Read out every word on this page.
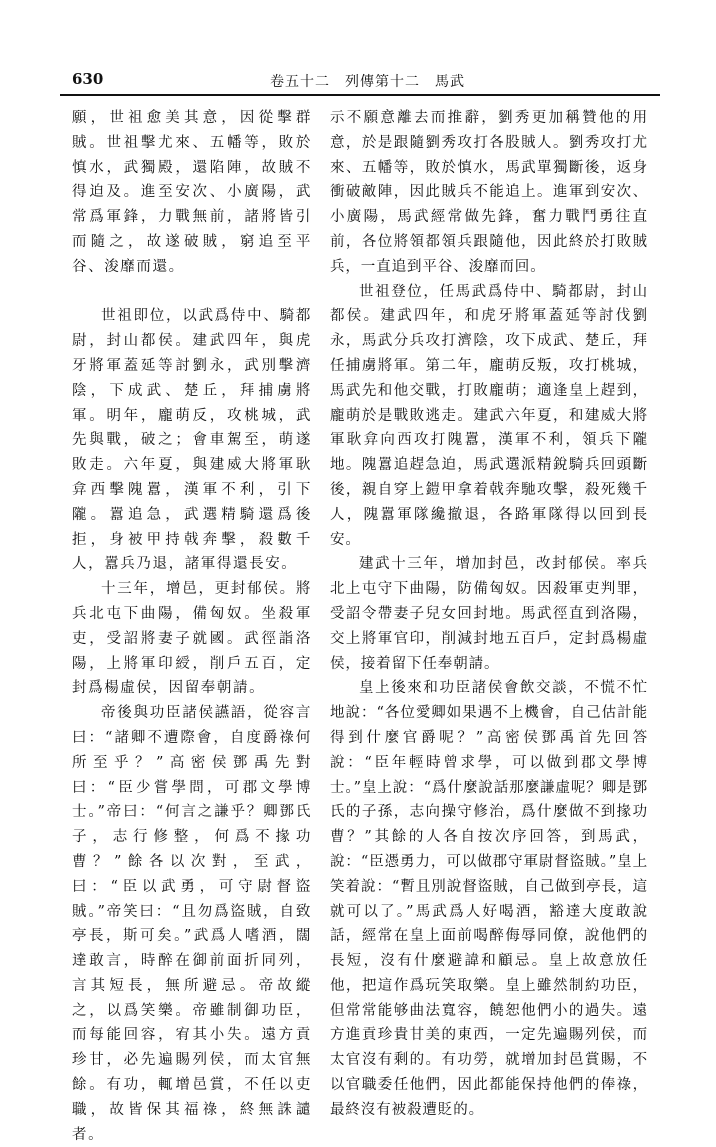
630	卷五十二　列傳第十二　馬武

願，世祖愈美其意，因從擊群賊。世祖擊尤來、五幡等，敗於慎水，武獨殿，還陷陣，故賊不得迫及。進至安次、小廣陽，武常爲軍鋒，力戰無前，諸將皆引而隨之，故遂破賊，窮追至平谷、浚靡而還。

世祖即位，以武爲侍中、騎都尉，封山都侯。建武四年，與虎牙將軍蓋延等討劉永，武別擊濟陰，下成武、楚丘，拜捕虜將軍。明年，龐萌反，攻桃城，武先與戰，破之；會車駕至，萌遂敗走。六年夏，與建威大將軍耿弇西擊隗囂，漢軍不利，引下隴。囂追急，武選精騎還爲後拒，身被甲持戟奔擊，殺數千人，囂兵乃退，諸軍得還長安。

十三年，增邑，更封郁侯。將兵北屯下曲陽，備匈奴。坐殺軍吏，受詔將妻子就國。武徑詣洛陽，上將軍印綬，削戶五百，定封爲楊虛侯，因留奉朝請。

帝後與功臣諸侯讌語，從容言曰：“諸卿不遭際會，自度爵祿何所至乎？”高密侯鄧禹先對曰：“臣少嘗學問，可郡文學博士。”帝曰：“何言之謙乎？卿鄧氏子，志行修整，何爲不掾功曹？”餘各以次對，至武，曰：“臣以武勇，可守尉督盜賊。”帝笑曰：“且勿爲盜賊，自致亭長，斯可矣。”武爲人嗜酒，闊達敢言，時醉在御前面折同列，言其短長，無所避忌。帝故縱之，以爲笑樂。帝雖制御功臣，而每能回容，宥其小失。遠方貢珍甘，必先遍賜列侯，而太官無餘。有功，輒增邑賞，不任以吏職，故皆保其福祿，終無誅譴者。

示不願意離去而推辭，劉秀更加稱贊他的用意，於是跟隨劉秀攻打各股賊人。劉秀攻打尤來、五幡等，敗於慎水，馬武單獨斷後，返身衝破敵陣，因此賊兵不能追上。進軍到安次、小廣陽，馬武經常做先鋒，奮力戰鬥勇往直前，各位將領都領兵跟隨他，因此終於打敗賊兵，一直追到平谷、浚靡而回。

世祖登位，任馬武爲侍中、騎都尉，封山都侯。建武四年，和虎牙將軍蓋延等討伐劉永，馬武分兵攻打濟陰，攻下成武、楚丘，拜任捕虜將軍。第二年，龐萌反叛，攻打桃城，馬武先和他交戰，打敗龐萌；適逢皇上趕到，龐萌於是戰敗逃走。建武六年夏，和建威大將軍耿弇向西攻打隗囂，漢軍不利，領兵下隴地。隗囂追趕急迫，馬武選派精銳騎兵回頭斷後，親自穿上鎧甲拿着戟奔馳攻擊，殺死幾千人，隗囂軍隊纔撤退，各路軍隊得以回到長安。

建武十三年，增加封邑，改封郁侯。率兵北上屯守下曲陽，防備匈奴。因殺軍吏判罪，受詔令帶妻子兒女回封地。馬武徑直到洛陽，交上將軍官印，削減封地五百戶，定封爲楊虛侯，接着留下任奉朝請。

皇上後來和功臣諸侯會飲交談，不慌不忙地說：“各位愛卿如果遇不上機會，自己估計能得到什麼官爵呢？”高密侯鄧禹首先回答說：“臣年輕時曾求學，可以做到郡文學博士。”皇上說：“爲什麼說話那麼謙虛呢？卿是鄧氏的子孫，志向操守修治，爲什麼做不到掾功曹？”其餘的人各自按次序回答，到馬武，說：“臣憑勇力，可以做郡守軍尉督盜賊。”皇上笑着說：“暫且別說督盜賊，自己做到亭長，這就可以了。”馬武爲人好喝酒，豁達大度敢說話，經常在皇上面前喝醉侮辱同僚，說他們的長短，沒有什麼避諱和顧忌。皇上故意放任他，把這作爲玩笑取樂。皇上雖然制約功臣，但常常能够曲法寬容，饒恕他們小的過失。遠方進貢珍貴甘美的東西，一定先遍賜列侯，而太官沒有剩的。有功勞，就增加封邑賞賜，不以官職委任他們，因此都能保持他們的俸祿，最終沒有被殺遭貶的。
